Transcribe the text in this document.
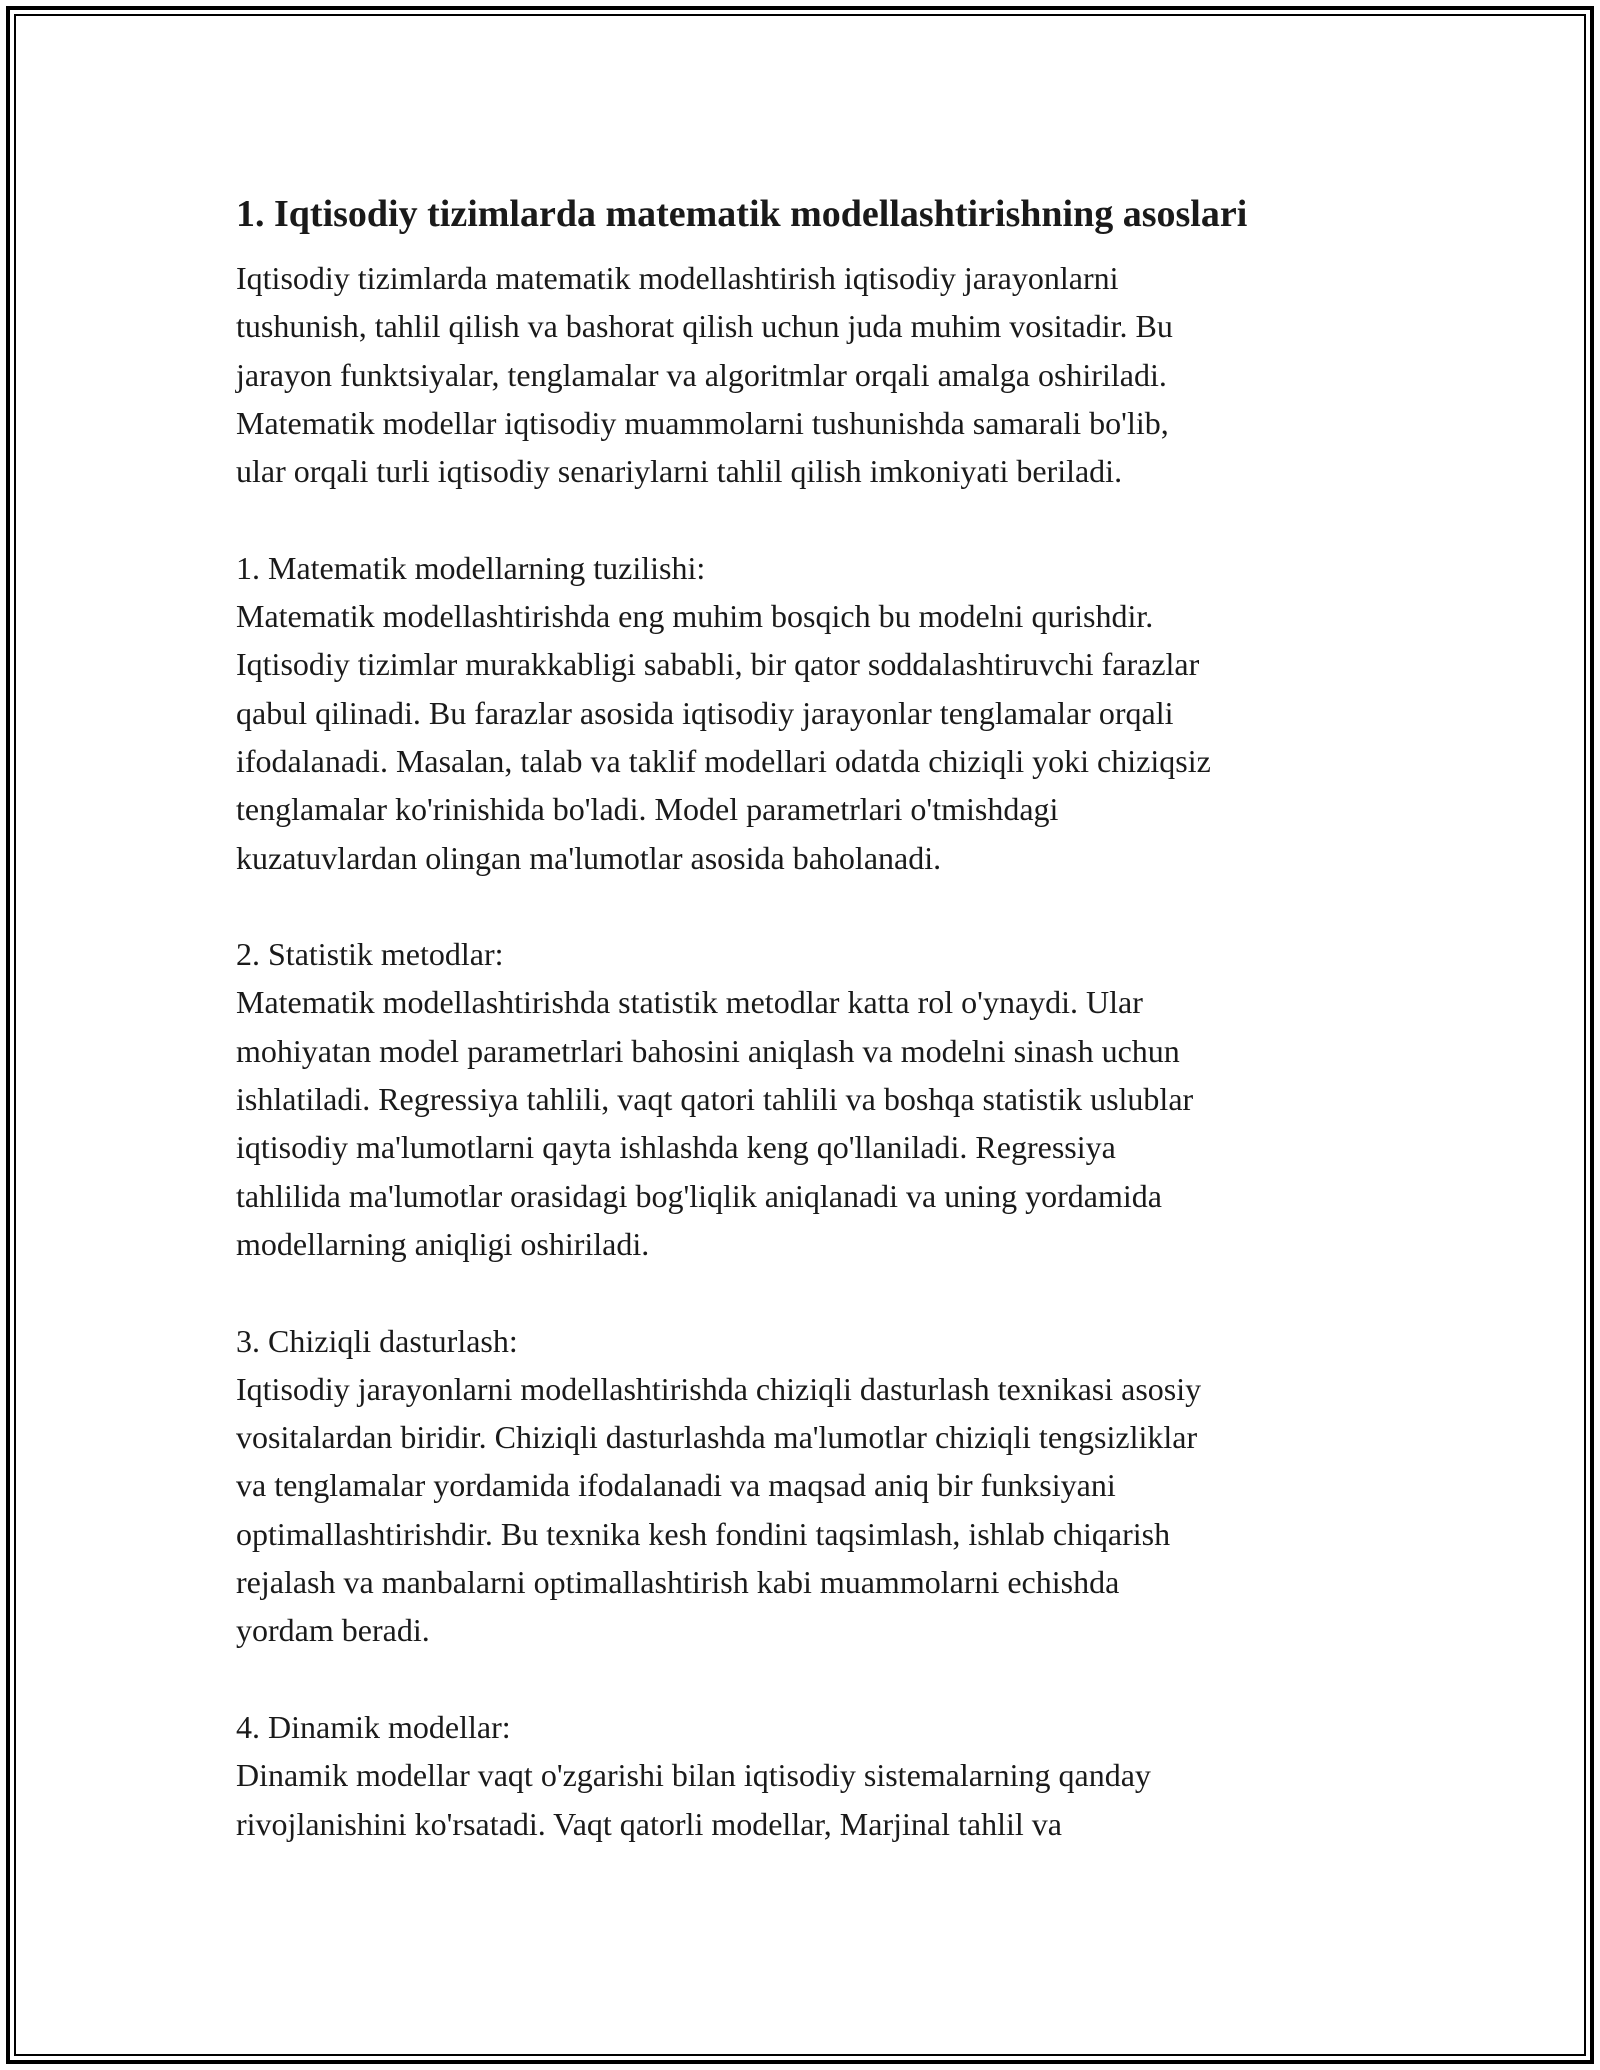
1. Iqtisodiy tizimlarda matematik modellashtirishning asoslari

Iqtisodiy tizimlarda matematik modellashtirish iqtisodiy jarayonlarni
tushunish, tahlil qilish va bashorat qilish uchun juda muhim vositadir. Bu
jarayon funktsiyalar, tenglamalar va algoritmlar orqali amalga oshiriladi.
Matematik modellar iqtisodiy muammolarni tushunishda samarali bo'lib,
ular orqali turli iqtisodiy senariylarni tahlil qilish imkoniyati beriladi.

1. Matematik modellarning tuzilishi:

Matematik modellashtirishda eng muhim bosqich bu modelni qurishdir.
Iqtisodiy tizimlar murakkabligi sababli, bir qator soddalashtiruvchi farazlar
qabul qilinadi. Bu farazlar asosida iqtisodiy jarayonlar tenglamalar orqali
ifodalanadi. Masalan, talab va taklif modellari odatda chiziqli yoki chiziqsiz
tenglamalar ko'rinishida bo'ladi. Model parametrlari o'tmishdagi
kuzatuvlardan olingan ma'lumotlar asosida baholanadi.

2. Statistik metodlar:

Matematik modellashtirishda statistik metodlar katta rol o'ynaydi. Ular
mohiyatan model parametrlari bahosini aniqlash va modelni sinash uchun
ishlatiladi. Regressiya tahlili, vaqt qatori tahlili va boshqa statistik uslublar
iqtisodiy ma'lumotlarni qayta ishlashda keng qo'llaniladi. Regressiya
tahlilida ma'lumotlar orasidagi bog'liqlik aniqlanadi va uning yordamida
modellarning aniqligi oshiriladi.

3. Chiziqli dasturlash:

Iqtisodiy jarayonlarni modellashtirishda chiziqli dasturlash texnikasi asosiy
vositalardan biridir. Chiziqli dasturlashda ma'lumotlar chiziqli tengsizliklar
va tenglamalar yordamida ifodalanadi va maqsad aniq bir funksiyani
optimallashtirishdir. Bu texnika kesh fondini taqsimlash, ishlab chiqarish
rejalash va manbalarni optimallashtirish kabi muammolarni echishda
yordam beradi.

4. Dinamik modellar:

Dinamik modellar vaqt o'zgarishi bilan iqtisodiy sistemalarning qanday
rivojlanishini ko'rsatadi. Vaqt qatorli modellar, Marjinal tahlil va
